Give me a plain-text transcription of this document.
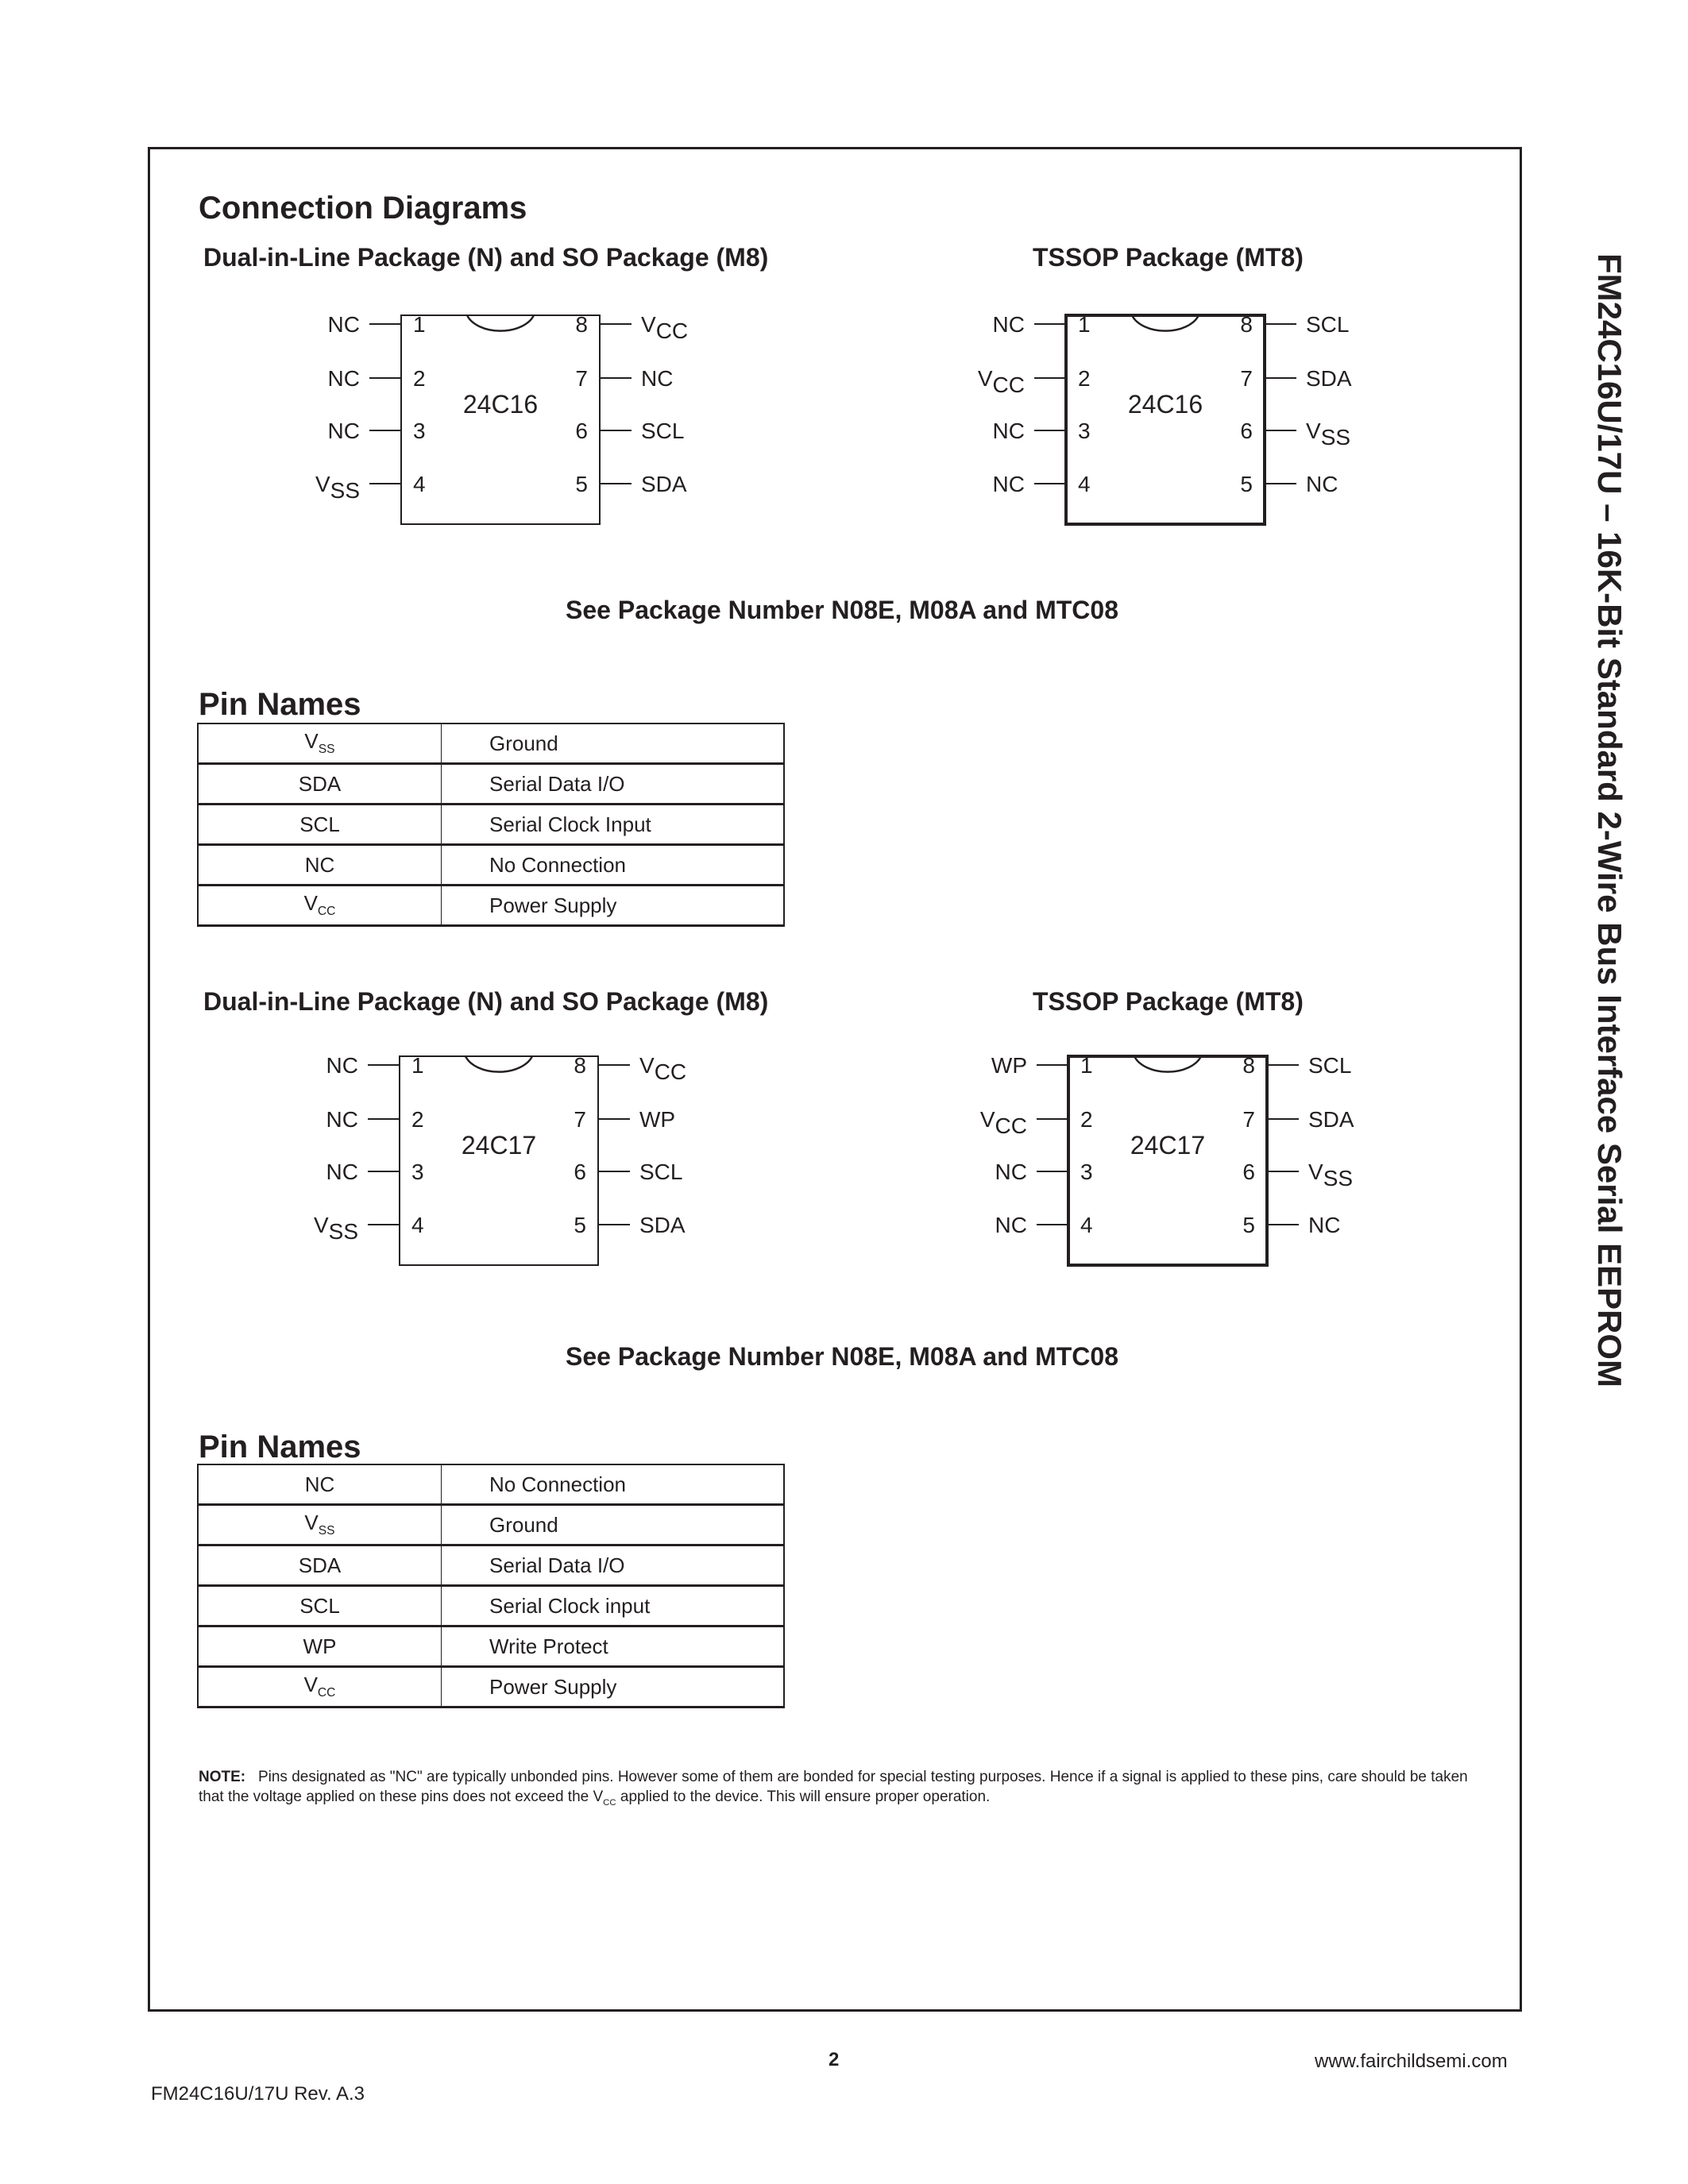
FM24C16U/17U – 16K-Bit Standard 2-Wire Bus Interface Serial EEPROM
Connection Diagrams
Dual-in-Line Package (N) and SO Package (M8)	TSSOP Package (MT8)
1
NC
2
NC
3
NC
4
VSS
8 VCC
7 NC
6 SCL
5 SDA
24C16
1
NC
2
VCC
3
NC
4
NC
8 SCL
7 SDA
6 VSS
5 NC
24C16
See Package Number N08E, M08A and MTC08
Pin Names
$V_{SS}$	Ground
SDA	Serial Data I/O
SCL	Serial Clock Input
NC	No Connection
$V_{CC}$	Power Supply
Dual-in-Line Package (N) and SO Package (M8)	TSSOP Package (MT8)
1
NC
2
NC
3
NC
4
VSS
8 VCC
7 WP
6 SCL
5 SDA
24C17
1
WP
2
VCC
3
NC
4
NC
8 SCL
7 SDA
6 VSS
5 NC
24C17
See Package Number N08E, M08A and MTC08
Pin Names
NC	No Connection
$V_{SS}$	Ground
SDA	Serial Data I/O
SCL	Serial Clock input
WP	Write Protect
$V_{CC}$	Power Supply
NOTE: Pins designated as "NC" are typically unbonded pins. However some of them are bonded for special testing purposes. Hence if a signal is applied to these pins, care should be taken that the voltage applied on these pins does not exceed the $V_{CC}$ applied to the device. This will ensure proper operation.
2	www.fairchildsemi.com
FM24C16U/17U Rev. A.3
